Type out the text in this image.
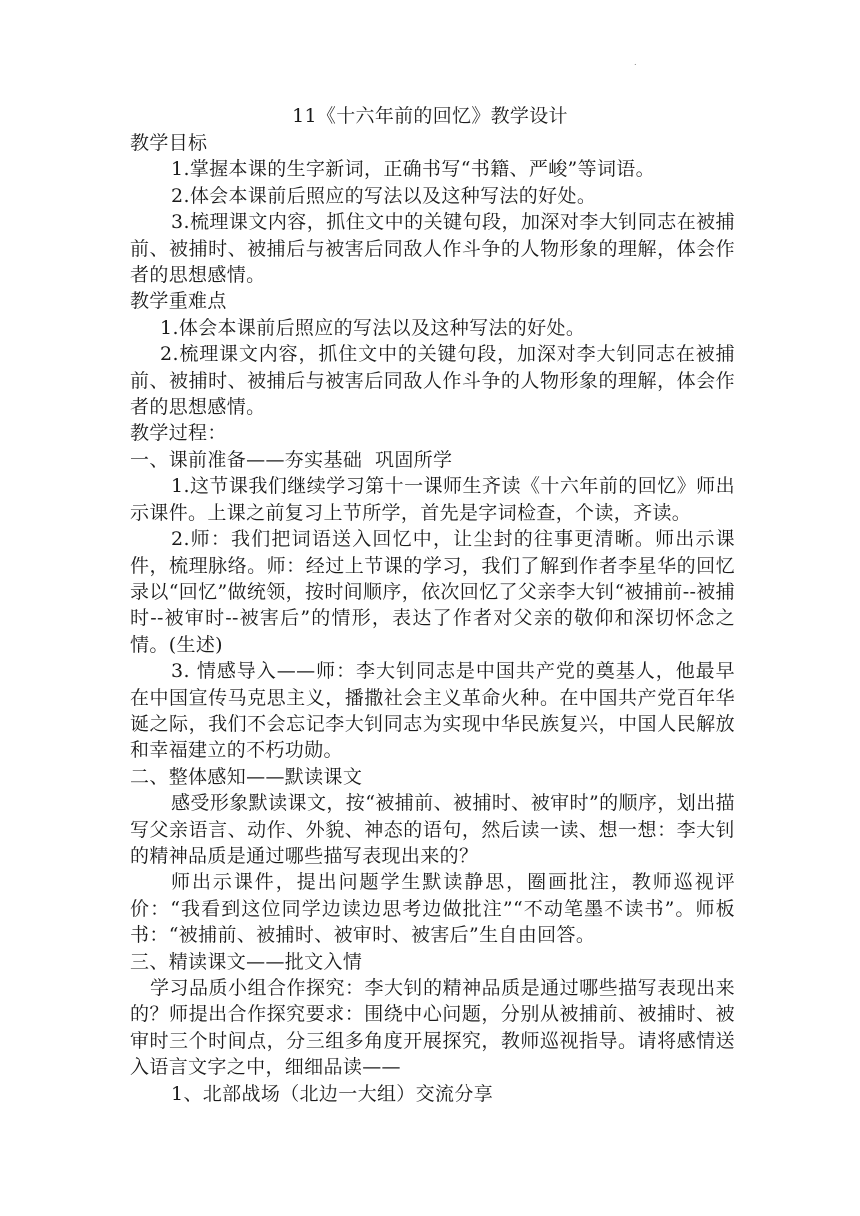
.
11《十六年前的回忆》教学设计

教学目标

1.掌握本课的生字新词，正确书写“书籍、严峻”等词语。

2.体会本课前后照应的写法以及这种写法的好处。

3.梳理课文内容，抓住文中的关键句段，加深对李大钊同志在被捕前、被捕时、被捕后与被害后同敌人作斗争的人物形象的理解，体会作者的思想感情。

教学重难点

1.体会本课前后照应的写法以及这种写法的好处。

2.梳理课文内容，抓住文中的关键句段，加深对李大钊同志在被捕前、被捕时、被捕后与被害后同敌人作斗争的人物形象的理解，体会作者的思想感情。

教学过程：

一、课前准备——夯实基础  巩固所学

1.这节课我们继续学习第十一课师生齐读《十六年前的回忆》师出示课件。上课之前复习上节所学，首先是字词检查，个读，齐读。

2.师：我们把词语送入回忆中，让尘封的往事更清晰。师出示课件，梳理脉络。师：经过上节课的学习，我们了解到作者李星华的回忆录以“回忆”做统领，按时间顺序，依次回忆了父亲李大钊“被捕前--被捕时--被审时--被害后”的情形，表达了作者对父亲的敬仰和深切怀念之情。(生述)

3. 情感导入——师：李大钊同志是中国共产党的奠基人，他最早在中国宣传马克思主义，播撒社会主义革命火种。在中国共产党百年华诞之际，我们不会忘记李大钊同志为实现中华民族复兴，中国人民解放和幸福建立的不朽功勋。

二、整体感知——默读课文

感受形象默读课文，按“被捕前、被捕时、被审时”的顺序，划出描写父亲语言、动作、外貌、神态的语句，然后读一读、想一想：李大钊的精神品质是通过哪些描写表现出来的？

师出示课件，提出问题学生默读静思，圈画批注，教师巡视评价：“我看到这位同学边读边思考边做批注”“不动笔墨不读书”。师板书：“被捕前、被捕时、被审时、被害后”生自由回答。

三、精读课文——批文入情

学习品质小组合作探究：李大钊的精神品质是通过哪些描写表现出来的？师提出合作探究要求：围绕中心问题，分别从被捕前、被捕时、被审时三个时间点，分三组多角度开展探究，教师巡视指导。请将感情送入语言文字之中，细细品读——

1、北部战场（北边一大组）交流分享
